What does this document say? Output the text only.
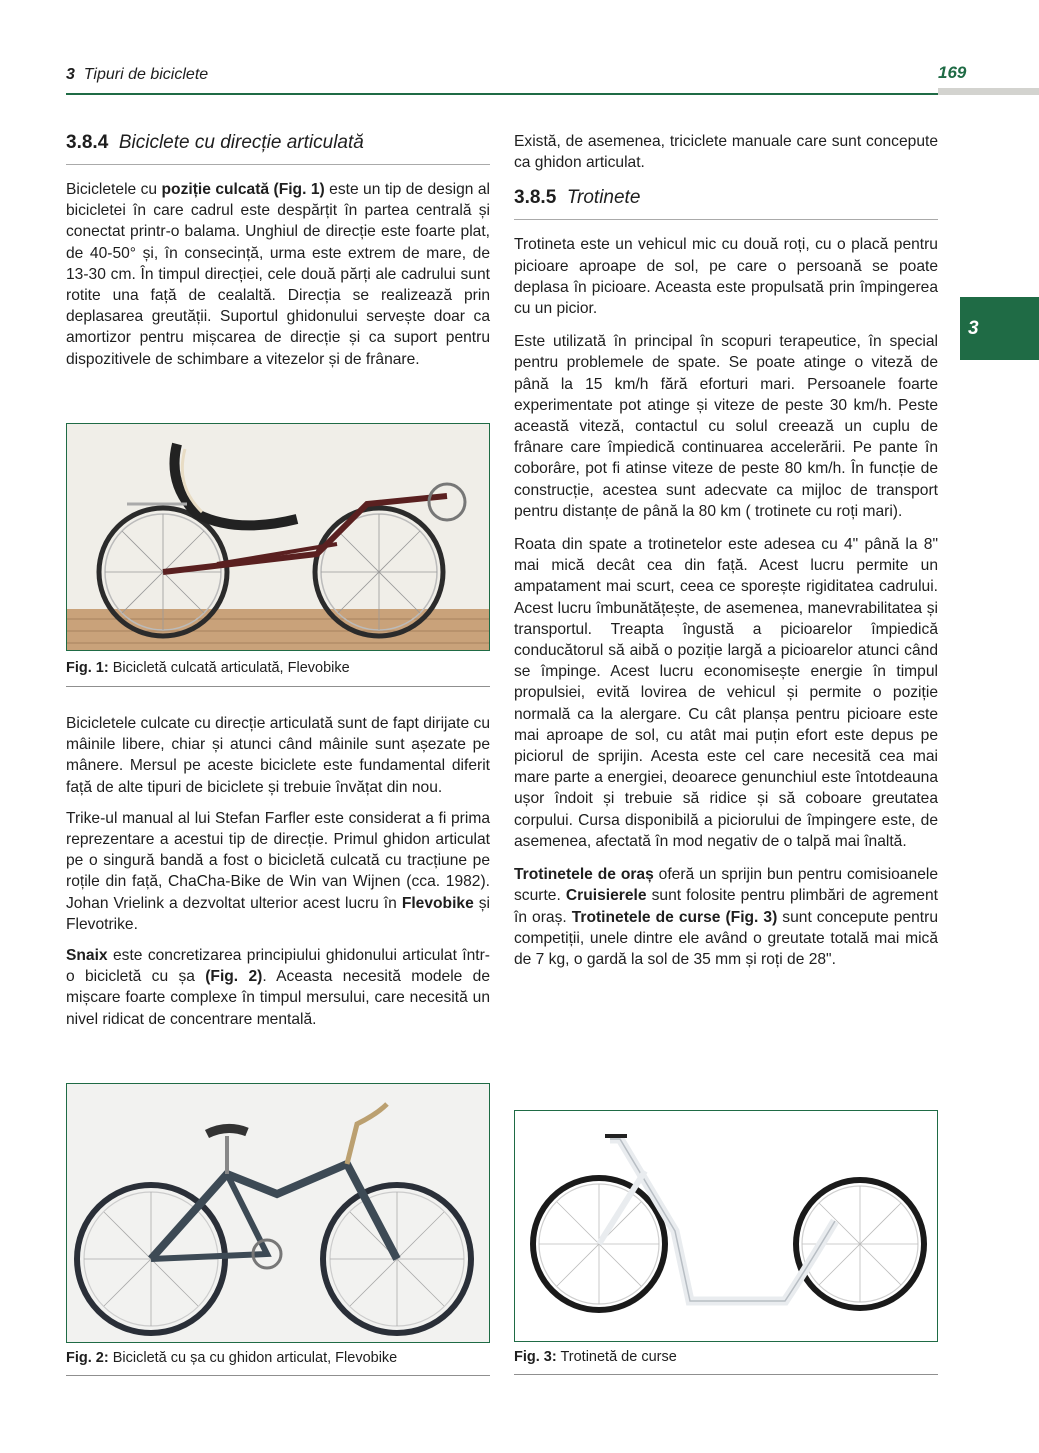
3 Tipuri de biciclete	169
3
3.8.4 Biciclete cu direcție articulată

Bicicletele cu poziție culcată (Fig. 1) este un tip de design al bicicletei în care cadrul este despărțit în partea centrală și conectat printr-o balama. Unghiul de direcție este foarte plat, de 40-50° și, în consecință, urma este extrem de mare, de 13-30 cm. În timpul direcției, cele două părți ale cadrului sunt rotite una față de cealaltă. Direcția se realizează prin deplasarea greutății. Suportul ghidonului servește doar ca amortizor pentru mișcarea de direcție și ca suport pentru dispozitivele de schimbare a vitezelor și de frânare.

Fig. 1: Bicicletă culcată articulată, Flevobike

Bicicletele culcate cu direcție articulată sunt de fapt dirijate cu mâinile libere, chiar și atunci când mâinile sunt așezate pe mânere. Mersul pe aceste biciclete este fundamental diferit față de alte tipuri de biciclete și trebuie învățat din nou.

Trike-ul manual al lui Stefan Farfler este considerat a fi prima reprezentare a acestui tip de direcție. Primul ghidon articulat pe o singură bandă a fost o bicicletă culcată cu tracțiune pe roțile din față, ChaCha-Bike de Win van Wijnen (cca. 1982). Johan Vrielink a dezvoltat ulterior acest lucru în Flevobike și Flevotrike.

Snaix este concretizarea principiului ghidonului articulat într-o bicicletă cu șa (Fig. 2). Aceasta necesită modele de mișcare foarte complexe în timpul mersului, care necesită un nivel ridicat de concentrare mentală.

Fig. 2: Bicicletă cu șa cu ghidon articulat, Flevobike

Există, de asemenea, triciclete manuale care sunt concepute ca ghidon articulat.

3.8.5 Trotinete

Trotineta este un vehicul mic cu două roți, cu o placă pentru picioare aproape de sol, pe care o persoană se poate deplasa în picioare. Aceasta este propulsată prin împingerea cu un picior.

Este utilizată în principal în scopuri terapeutice, în special pentru problemele de spate. Se poate atinge o viteză de până la 15 km/h fără eforturi mari. Persoanele foarte experimentate pot atinge și viteze de peste 30 km/h. Peste această viteză, contactul cu solul creează un cuplu de frânare care împiedică continuarea accelerării. Pe pante în coborâre, pot fi atinse viteze de peste 80 km/h. În funcție de construcție, acestea sunt adecvate ca mijloc de transport pentru distanțe de până la 80 km ( trotinete cu roți mari).

Roata din spate a trotinetelor este adesea cu 4" până la 8" mai mică decât cea din față. Acest lucru permite un ampatament mai scurt, ceea ce sporește rigiditatea cadrului. Acest lucru îmbunătățește, de asemenea, manevrabilitatea și transportul. Treapta îngustă a picioarelor împiedică conducătorul să aibă o poziție largă a picioarelor atunci când se împinge. Acest lucru economisește energie în timpul propulsiei, evită lovirea de vehicul și permite o poziție normală ca la alergare. Cu cât planșa pentru picioare este mai aproape de sol, cu atât mai puțin efort este depus pe piciorul de sprijin. Acesta este cel care necesită cea mai mare parte a energiei, deoarece genunchiul este întotdeauna ușor îndoit și trebuie să ridice și să coboare greutatea corpului. Cursa disponibilă a piciorului de împingere este, de asemenea, afectată în mod negativ de o talpă mai înaltă.

Trotinetele de oraș oferă un sprijin bun pentru comisioanele scurte. Cruisierele sunt folosite pentru plimbări de agrement în oraș. Trotinetele de curse (Fig. 3) sunt concepute pentru competiții, unele dintre ele având o greutate totală mai mică de 7 kg, o gardă la sol de 35 mm și roți de 28".

Fig. 3: Trotinetă de curse
